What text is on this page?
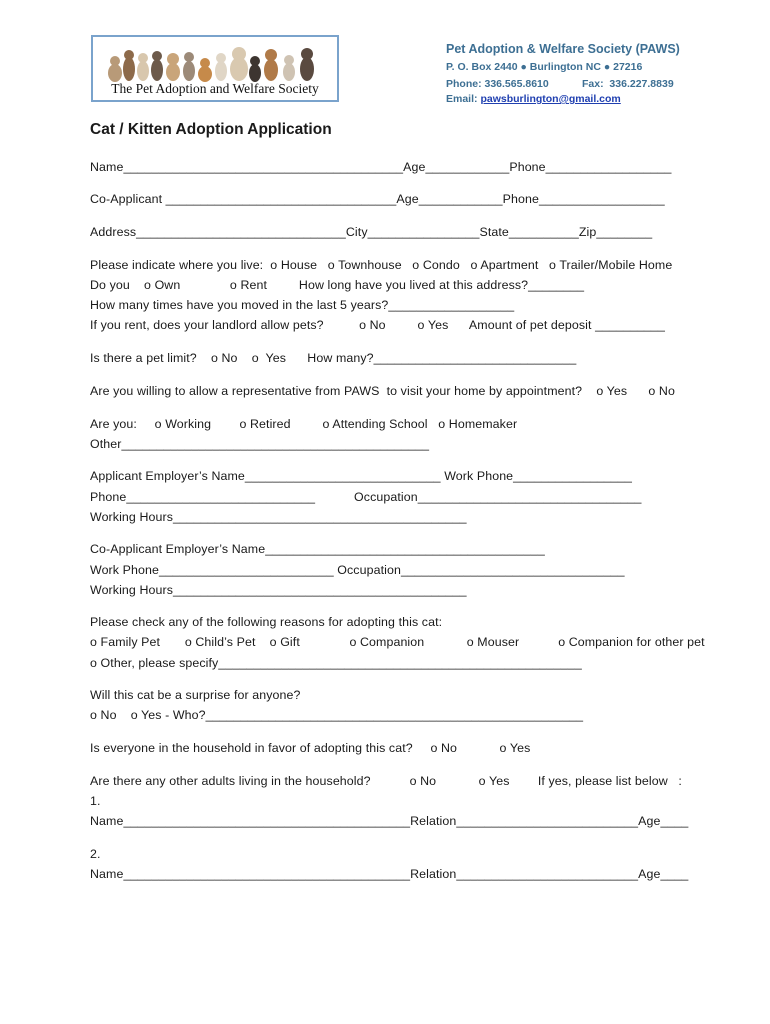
The Pet Adoption and Welfare Society
Pet Adoption & Welfare Society (PAWS)
P. O. Box 2440 ● Burlington NC ● 27216
Phone: 336.565.8610	Fax:  336.227.8839
Email: pawsburlington@gmail.com
Cat / Kitten Adoption Application
Name________________________________________Age____________Phone__________________
Co-Applicant _________________________________Age____________Phone__________________
Address______________________________City________________State__________Zip________
Please indicate where you live:  o House   o Townhouse   o Condo   o Apartment   o Trailer/Mobile Home
Do you    o Own              o Rent         How long have you lived at this address?________
How many times have you moved in the last 5 years?__________________
If you rent, does your landlord allow pets?          o No         o Yes      Amount of pet deposit __________
Is there a pet limit?    o No    o  Yes      How many?_____________________________
Are you willing to allow a representative from PAWS  to visit your home by appointment?    o Yes      o No
Are you:     o Working        o Retired         o Attending School   o Homemaker
Other____________________________________________
Applicant Employer’s Name____________________________ Work Phone_________________
Phone___________________________           Occupation________________________________
Working Hours__________________________________________
Co-Applicant Employer’s Name________________________________________
Work Phone_________________________ Occupation________________________________
Working Hours__________________________________________
Please check any of the following reasons for adopting this cat:
o Family Pet       o Child’s Pet    o Gift              o Companion            o Mouser           o Companion for other pet
o Other, please specify____________________________________________________
Will this cat be a surprise for anyone?
o No    o Yes - Who?______________________________________________________
Is everyone in the household in favor of adopting this cat?     o No            o Yes
Are there any other adults living in the household?           o No            o Yes        If yes, please list below   :
1.
Name_________________________________________Relation__________________________Age____
2.
Name_________________________________________Relation__________________________Age____
